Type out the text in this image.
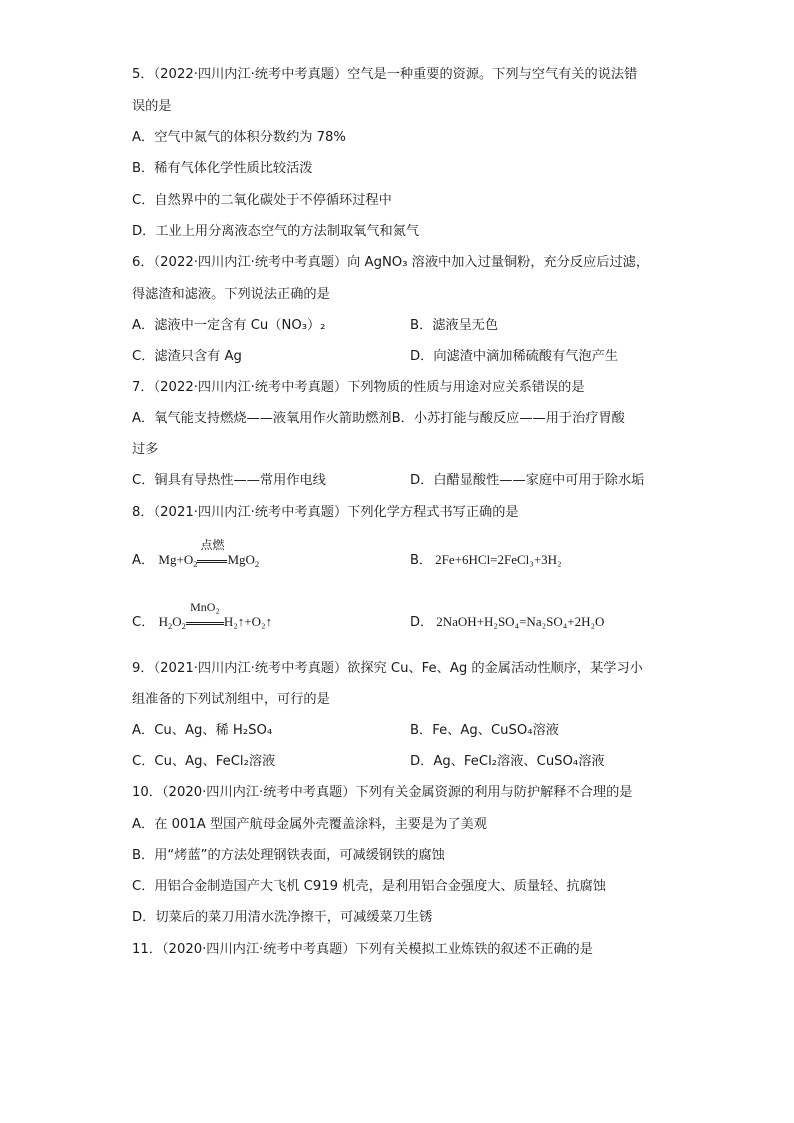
5．（2022·四川内江·统考中考真题）空气是一种重要的资源。下列与空气有关的说法错
误的是
A．空气中氮气的体积分数约为 78%
B．稀有气体化学性质比较活泼
C．自然界中的二氧化碳处于不停循环过程中
D．工业上用分离液态空气的方法制取氧气和氮气
6．（2022·四川内江·统考中考真题）向 AgNO₃ 溶液中加入过量铜粉，充分反应后过滤，
得滤渣和滤液。下列说法正确的是
A．滤液中一定含有 Cu（NO₃）₂	B．滤液呈无色
C．滤渣只含有 Ag	D．向滤渣中滴加稀硫酸有气泡产生
7．（2022·四川内江·统考中考真题）下列物质的性质与用途对应关系错误的是
A．氧气能支持燃烧——液氧用作火箭助燃剂B．小苏打能与酸反应——用于治疗胃酸
过多
C．铜具有导热性——常用作电线	D．白醋显酸性——家庭中可用于除水垢
8．（2021·四川内江·统考中考真题）下列化学方程式书写正确的是
A． $Mg+O_2$
点燃
MgO$_2$	B． 2Fe+6HCl=2FeCl₃+3H₂
C． $H_2O_2$
MnO₂
H₂↑+O₂↑	D． 2NaOH+H₂SO₄=Na₂SO₄+2H₂O
9．（2021·四川内江·统考中考真题）欲探究 Cu、Fe、Ag 的金属活动性顺序，某学习小
组准备的下列试剂组中，可行的是
A．Cu、Ag、稀 H₂SO₄	B．Fe、Ag、CuSO₄溶液
C．Cu、Ag、FeCl₂溶液	D．Ag、FeCl₂溶液、CuSO₄溶液
10．（2020·四川内江·统考中考真题）下列有关金属资源的利用与防护解释不合理的是
A．在 001A 型国产航母金属外壳覆盖涂料，主要是为了美观
B．用“烤蓝”的方法处理钢铁表面，可减缓钢铁的腐蚀
C．用铝合金制造国产大飞机 C919 机壳，是利用铝合金强度大、质量轻、抗腐蚀
D．切菜后的菜刀用清水洗净擦干，可减缓菜刀生锈
11．（2020·四川内江·统考中考真题）下列有关模拟工业炼铁的叙述不正确的是
